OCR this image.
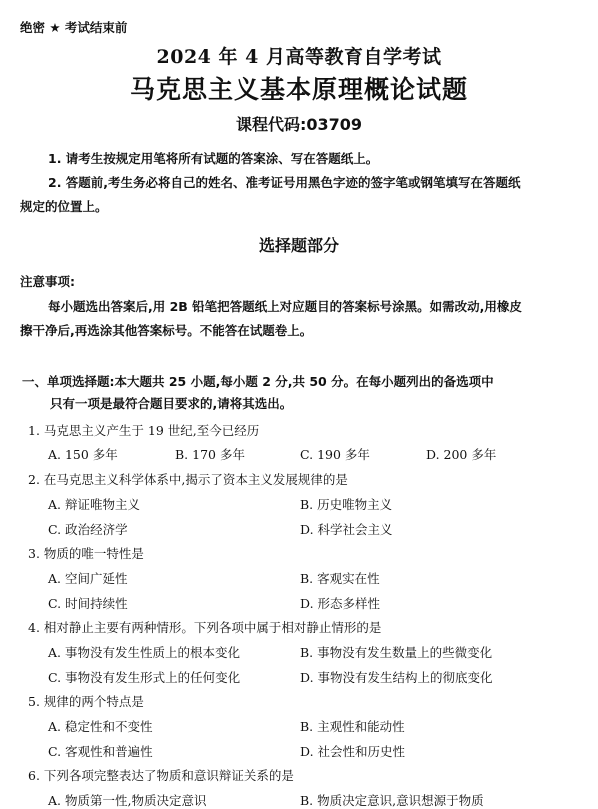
绝密 ★ 考试结束前
2024 年 4 月高等教育自学考试
马克思主义基本原理概论试题
课程代码:03709
1. 请考生按规定用笔将所有试题的答案涂、写在答题纸上。
2. 答题前,考生务必将自己的姓名、准考证号用黑色字迹的签字笔或钢笔填写在答题纸
规定的位置上。
选择题部分
注意事项:
每小题选出答案后,用 2B 铅笔把答题纸上对应题目的答案标号涂黑。如需改动,用橡皮
擦干净后,再选涂其他答案标号。不能答在试题卷上。
一、单项选择题:本大题共 25 小题,每小题 2 分,共 50 分。在每小题列出的备选项中
只有一项是最符合题目要求的,请将其选出。
1. 马克思主义产生于 19 世纪,至今已经历
A. 150 多年	B. 170 多年	C. 190 多年	D. 200 多年
2. 在马克思主义科学体系中,揭示了资本主义发展规律的是
A. 辩证唯物主义	B. 历史唯物主义
C. 政治经济学	D. 科学社会主义
3. 物质的唯一特性是
A. 空间广延性	B. 客观实在性
C. 时间持续性	D. 形态多样性
4. 相对静止主要有两种情形。下列各项中属于相对静止情形的是
A. 事物没有发生性质上的根本变化	B. 事物没有发生数量上的些微变化
C. 事物没有发生形式上的任何变化	D. 事物没有发生结构上的彻底变化
5. 规律的两个特点是
A. 稳定性和不变性	B. 主观性和能动性
C. 客观性和普遍性	D. 社会性和历史性
6. 下列各项完整表达了物质和意识辩证关系的是
A. 物质第一性,物质决定意识	B. 物质决定意识,意识想源于物质
